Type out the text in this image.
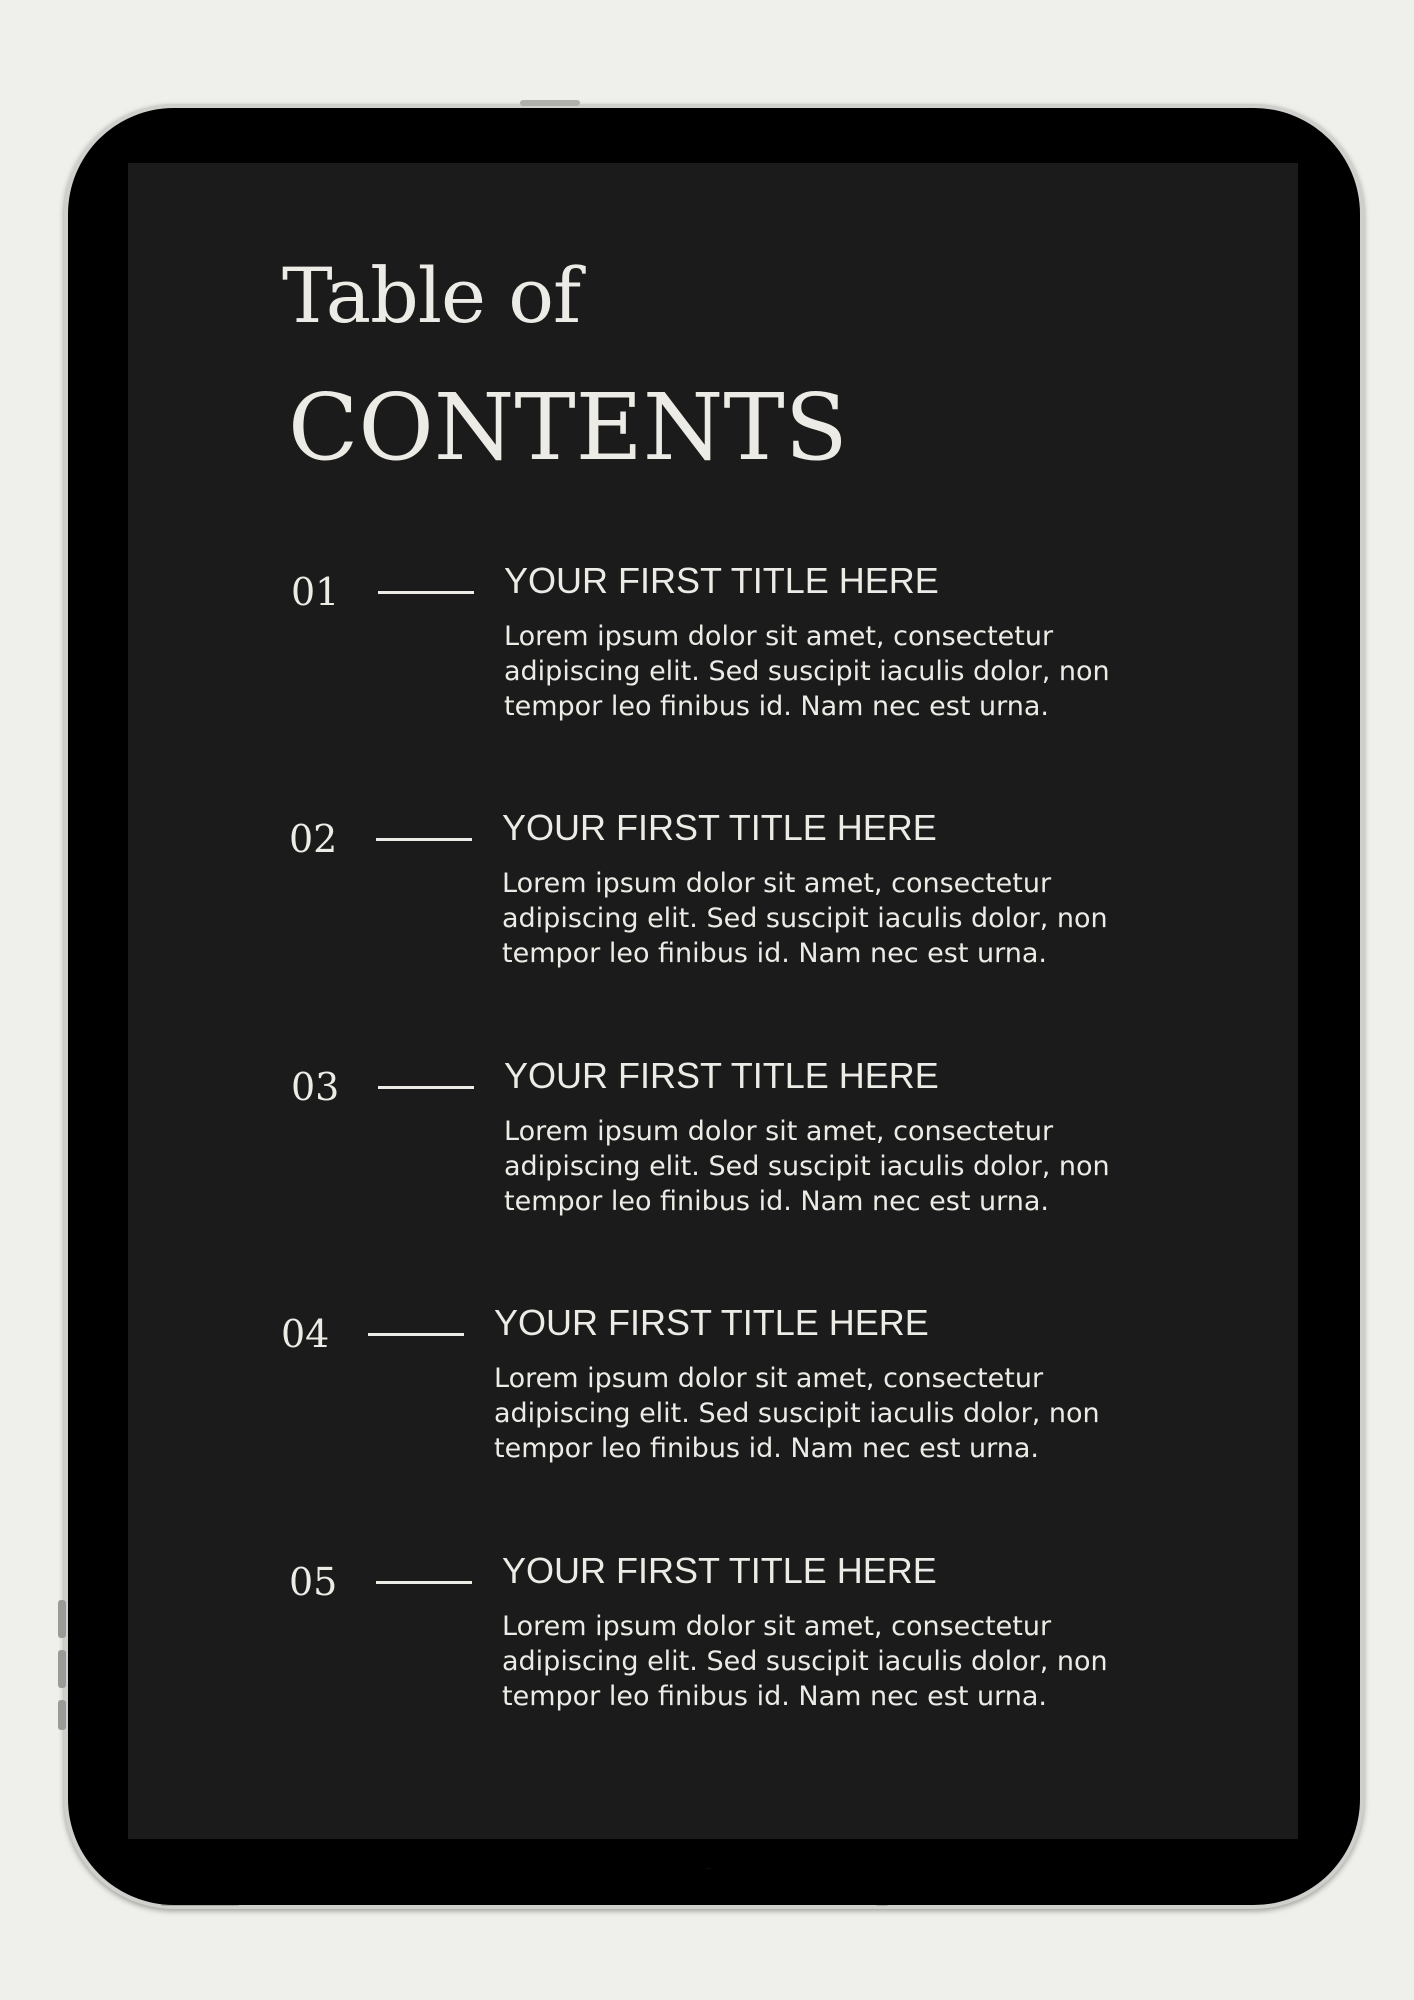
··
Table of
CONTENTS
01	YOUR FIRST TITLE HERE
Lorem ipsum dolor sit amet, consectetur adipiscing elit. Sed suscipit iaculis dolor, non tempor leo finibus id. Nam nec est urna.
02	YOUR FIRST TITLE HERE
Lorem ipsum dolor sit amet, consectetur adipiscing elit. Sed suscipit iaculis dolor, non tempor leo finibus id. Nam nec est urna.
03	YOUR FIRST TITLE HERE
Lorem ipsum dolor sit amet, consectetur adipiscing elit. Sed suscipit iaculis dolor, non tempor leo finibus id. Nam nec est urna.
04	YOUR FIRST TITLE HERE
Lorem ipsum dolor sit amet, consectetur adipiscing elit. Sed suscipit iaculis dolor, non tempor leo finibus id. Nam nec est urna.
05	YOUR FIRST TITLE HERE
Lorem ipsum dolor sit amet, consectetur adipiscing elit. Sed suscipit iaculis dolor, non tempor leo finibus id. Nam nec est urna.
